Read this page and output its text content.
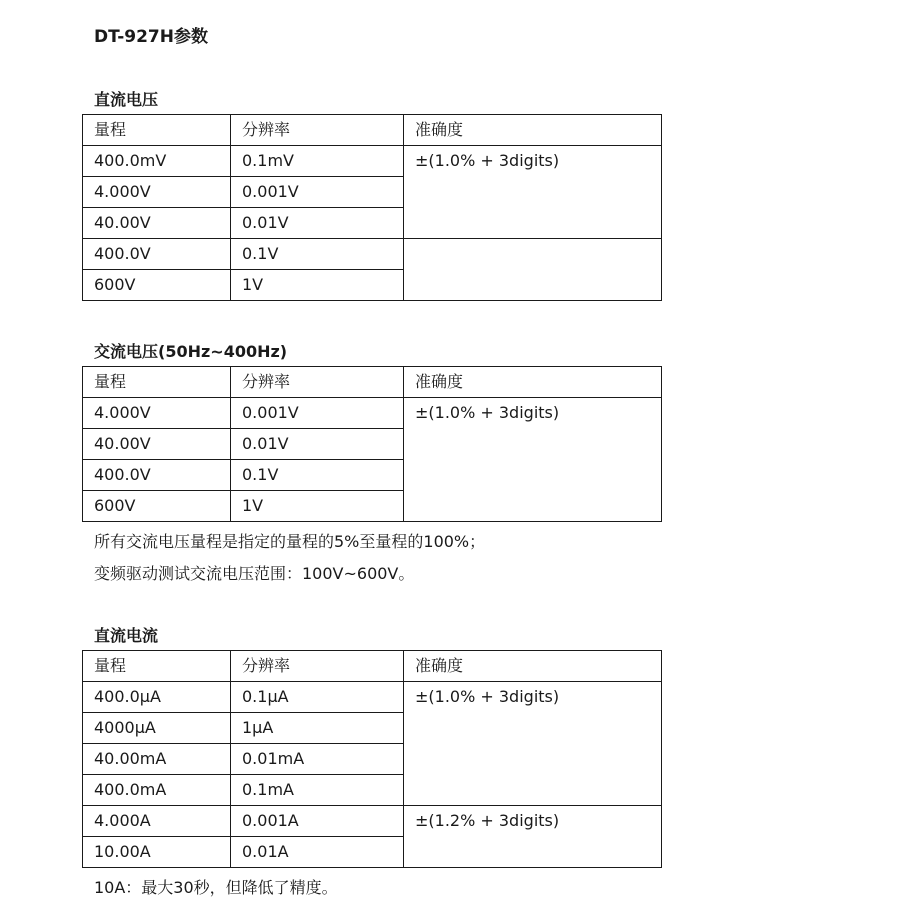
DT-927H参数
直流电压
量程	分辨率	准确度
400.0mV	0.1mV	±(1.0% + 3digits)
4.000V	0.001V	
40.00V	0.01V	
400.0V	0.1V	
600V	1V	
交流电压(50Hz~400Hz)
量程	分辨率	准确度
4.000V	0.001V	±(1.0% + 3digits)
40.00V	0.01V	
400.0V	0.1V	
600V	1V	
所有交流电压量程是指定的量程的5%至量程的100%；
变频驱动测试交流电压范围：100V~600V。
直流电流
量程	分辨率	准确度
400.0μA	0.1μA	±(1.0% + 3digits)
4000μA	1μA	
40.00mA	0.01mA	
400.0mA	0.1mA	
4.000A	0.001A	±(1.2% + 3digits)
10.00A	0.01A	
10A：最大30秒，但降低了精度。
